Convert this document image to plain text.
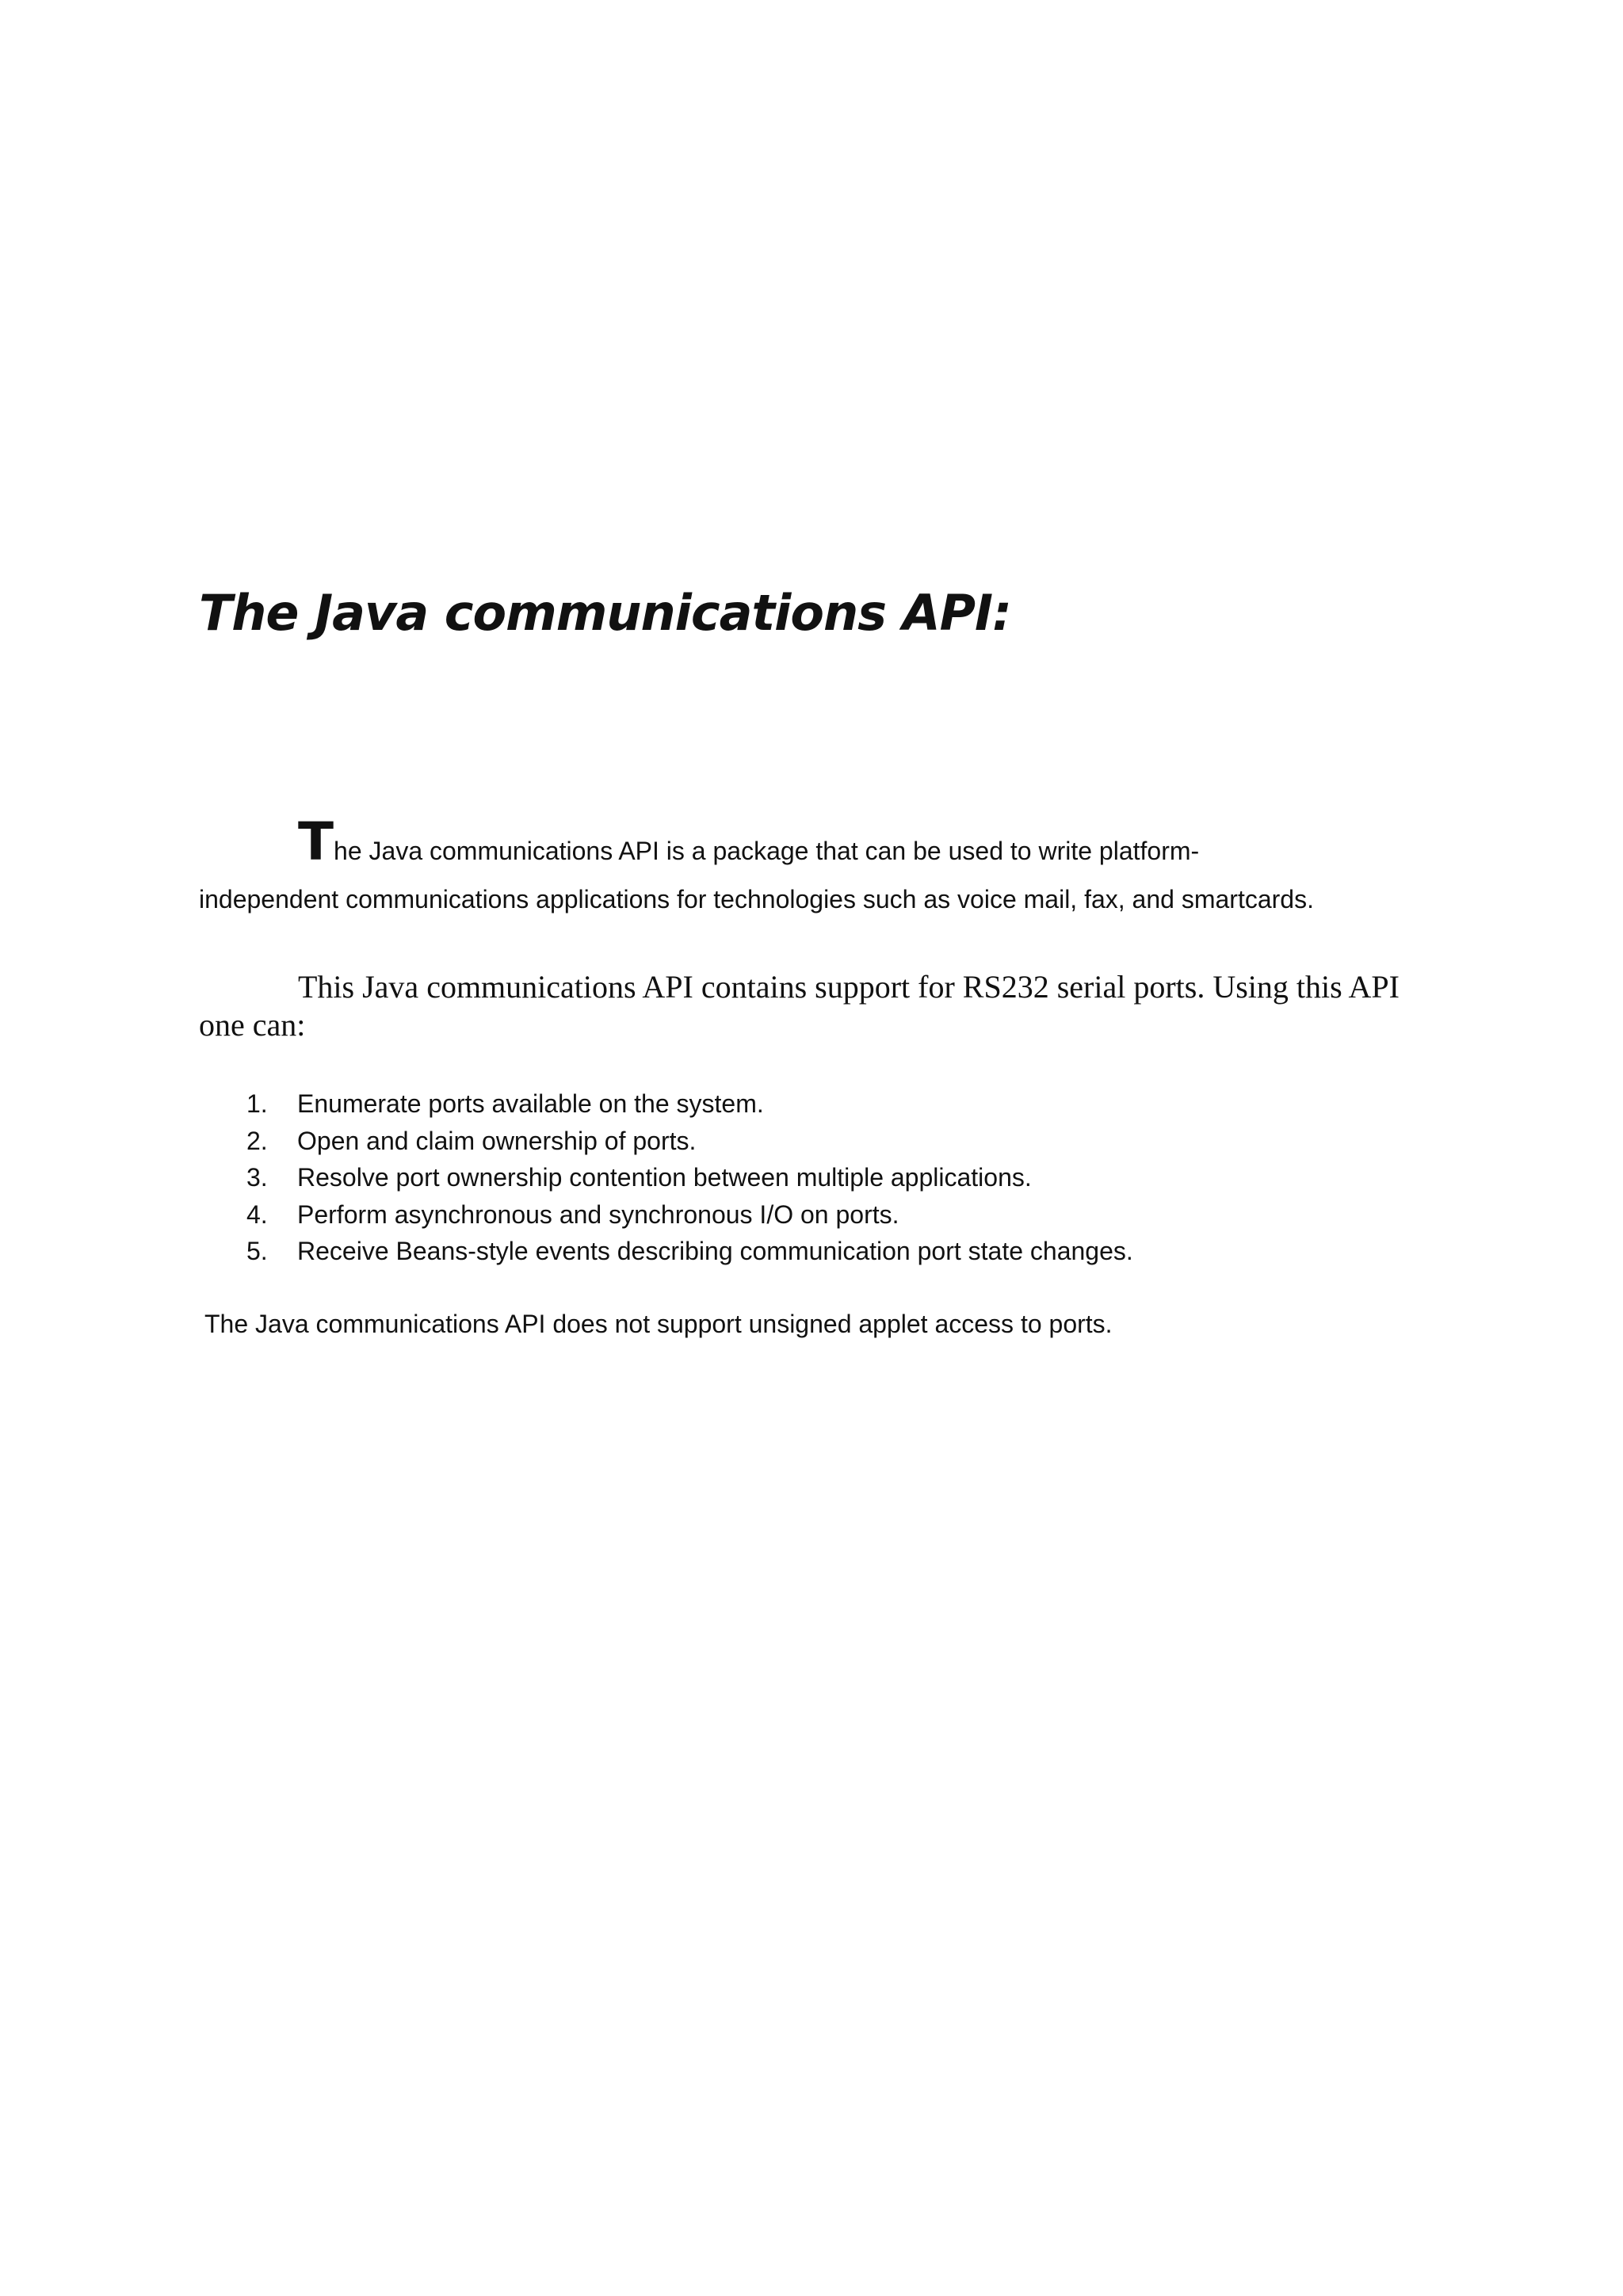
The Java communications API:

The Java communications API is a package that can be used to write platform-
independent communications applications for technologies such as voice mail, fax, and smartcards.

This Java communications API contains support for RS232 serial ports. Using this API one can:

1. Enumerate ports available on the system.
2. Open and claim ownership of ports.
3. Resolve port ownership contention between multiple applications.
4. Perform asynchronous and synchronous I/O on ports.
5. Receive Beans-style events describing communication port state changes.

The Java communications API does not support unsigned applet access to ports.
